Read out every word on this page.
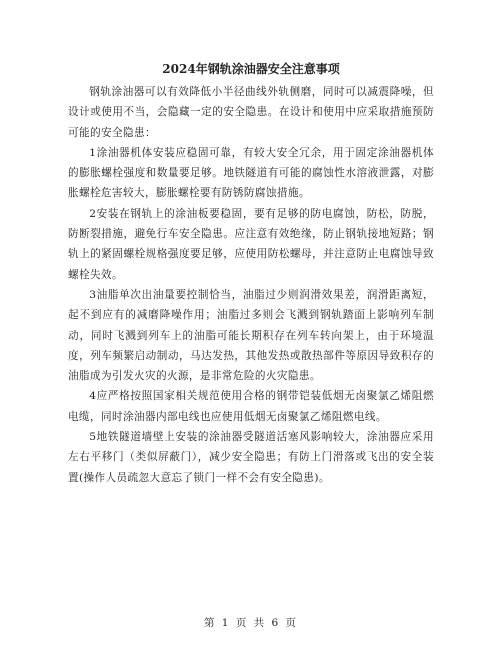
2024年钢轨涂油器安全注意事项

钢轨涂油器可以有效降低小半径曲线外轨侧磨，同时可以减震降噪，但设计或使用不当，会隐藏一定的安全隐患。在设计和使用中应采取措施预防可能的安全隐患：

1涂油器机体安装应稳固可靠，有较大安全冗余，用于固定涂油器机体的膨胀螺栓强度和数量要足够。地铁隧道有可能的腐蚀性水溶液泄露，对膨胀螺栓危害较大，膨胀螺栓要有防锈防腐蚀措施。

2安装在钢轨上的涂油板要稳固，要有足够的防电腐蚀，防松，防脱，防断裂措施，避免行车安全隐患。应注意有效绝缘，防止钢轨接地短路；钢轨上的紧固螺栓规格强度要足够，应使用防松螺母，并注意防止电腐蚀导致螺栓失效。

3油脂单次出油量要控制恰当，油脂过少则润滑效果差，润滑距离短，起不到应有的减磨降噪作用；油脂过多则会飞溅到钢轨踏面上影响列车制动，同时飞溅到列车上的油脂可能长期积存在列车转向架上，由于环境温度，列车频繁启动制动，马达发热，其他发热或散热部件等原因导致积存的油脂成为引发火灾的火源，是非常危险的火灾隐患。

4应严格按照国家相关规范使用合格的钢带铠装低烟无卤聚氯乙烯阻燃电缆，同时涂油器内部电线也应使用低烟无卤聚氯乙烯阻燃电线。

5地铁隧道墙壁上安装的涂油器受隧道活塞风影响较大，涂油器应采用左右平移门（类似屏蔽门），减少安全隐患；有防上门滑落或飞出的安全装置(操作人员疏忽大意忘了锁门一样不会有安全隐患)。

第 1 页 共 6 页
